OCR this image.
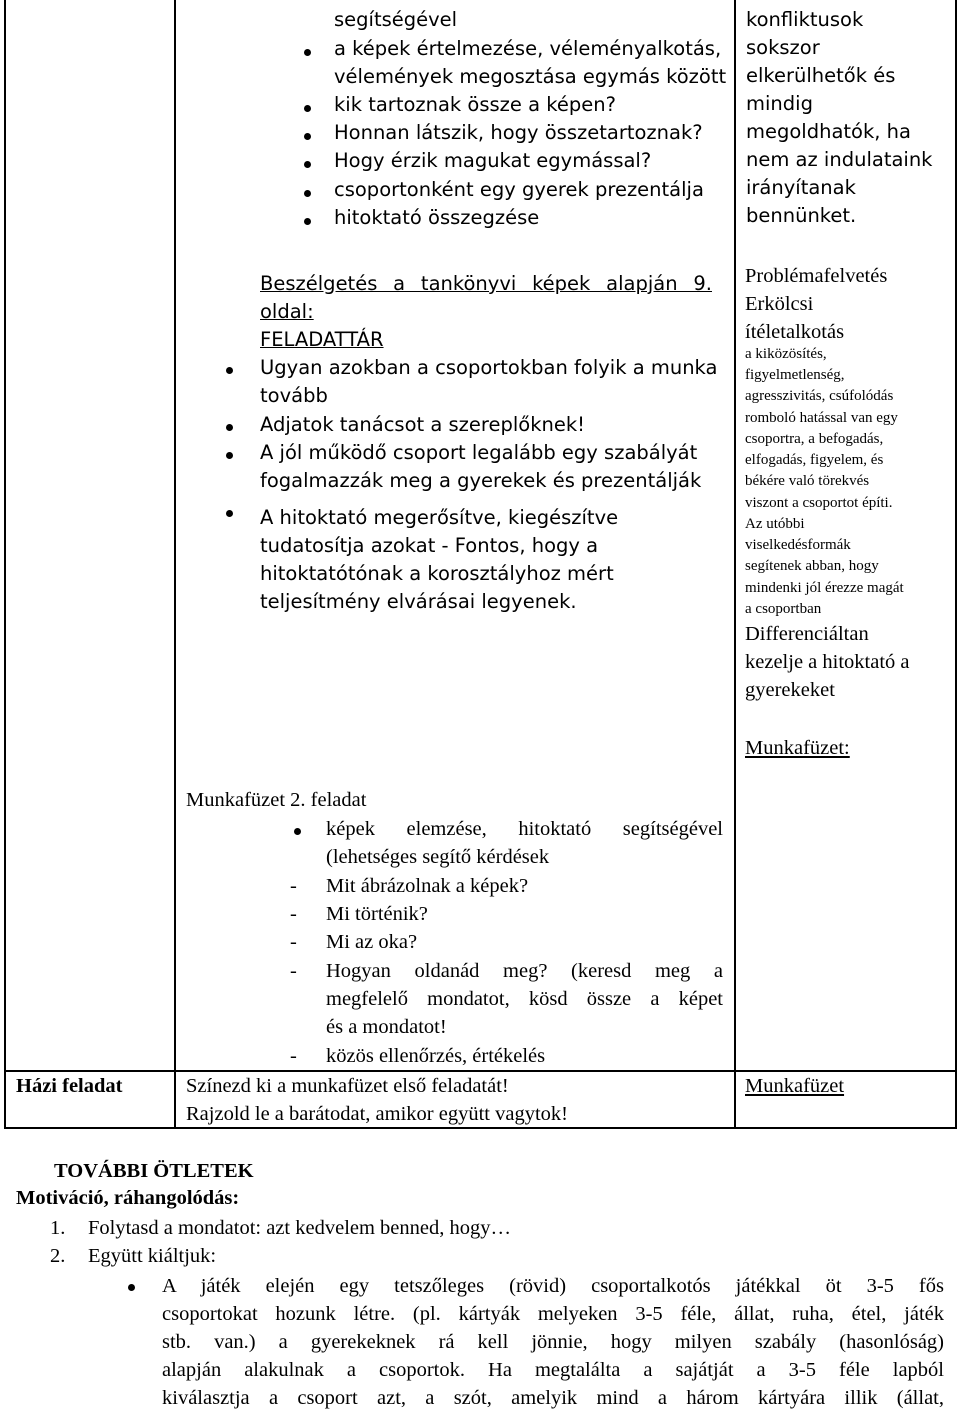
segítségével
a képek értelmezése, véleményalkotás,
vélemények megosztása egymás között
kik tartoznak össze a képen?
Honnan látszik, hogy összetartoznak?
Hogy érzik magukat egymással?
csoportonként egy gyerek prezentálja
hitoktató összegzése
konfliktusok
sokszor
elkerülhetők és
mindig
megoldhatók, ha
nem az indulataink
irányítanak
bennünket.
Beszélgetés a tankönyvi képek alapján 9.
oldal:
FELADATTÁR
Ugyan azokban a csoportokban folyik a munka
tovább
Adjatok tanácsot a szereplőknek!
A jól működő csoport legalább egy szabályát
fogalmazzák meg a gyerekek és prezentálják
A hitoktató megerősítve, kiegészítve
tudatosítja azokat - Fontos, hogy a
hitoktatótónak a korosztályhoz mért
teljesítmény elvárásai legyenek.
Problémafelvetés
Erkölcsi
ítéletalkotás
a kiközösítés,
figyelmetlenség,
agresszivitás, csúfolódás
romboló hatással van egy
csoportra, a befogadás,
elfogadás, figyelem, és
békére való törekvés
viszont a csoportot építi.
Az utóbbi
viselkedésformák
segítenek abban, hogy
mindenki jól érezze magát
a csoportban
Differenciáltan
kezelje a hitoktató a
gyerekeket
Munkafüzet:
Munkafüzet 2. feladat
képek elemzése, hitoktató segítségével
(lehetséges segítő kérdések
- Mit ábrázolnak a képek?
- Mi történik?
- Mi az oka?
- Hogyan oldanád meg? (keresd meg a
megfelelő mondatot, kösd össze a képet
és a mondatot!
- közös ellenőrzés, értékelés
Házi feladat	Színezd ki a munkafüzet első feladatát!
Rajzold le a barátodat, amikor együtt vagytok!
Munkafüzet
TOVÁBBI ÖTLETEK
Motiváció, ráhangolódás:
1. Folytasd a mondatot: azt kedvelem benned, hogy…
2. Együtt kiáltjuk:
A játék elején egy tetszőleges (rövid) csoportalkotós játékkal öt 3-5 fős
csoportokat hozunk létre. (pl. kártyák melyeken 3-5 féle, állat, ruha, étel, játék
stb. van.) a gyerekeknek rá kell jönnie, hogy milyen szabály (hasonlóság)
alapján alakulnak a csoportok. Ha megtalálta a sajátját a 3-5 féle lapból
kiválasztja a csoport azt, a szót, amelyik mind a három kártyára illik (állat,
